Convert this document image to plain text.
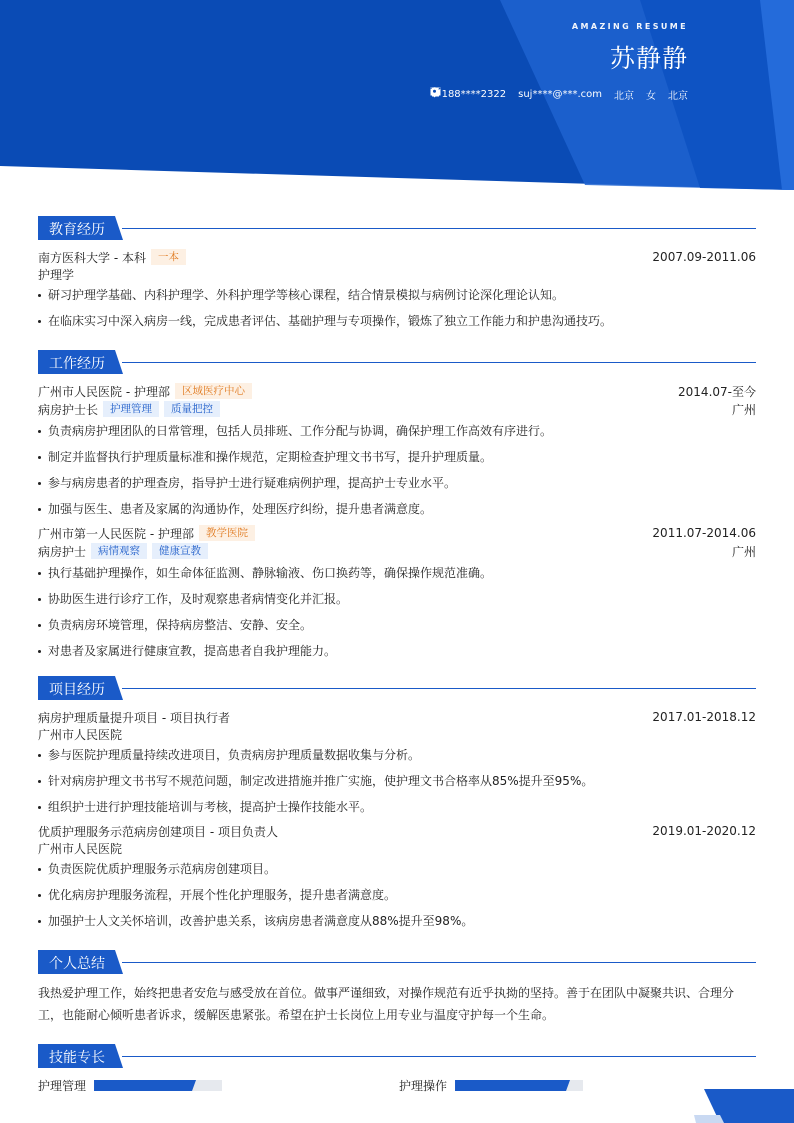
AMAZING RESUME
苏静静
188****2322 suj****@***.com 北京 女 北京
教育经历
南方医科大学 - 本科	一本	2007.09-2011.06
护理学
研习护理学基础、内科护理学、外科护理学等核心课程，结合情景模拟与病例讨论深化理论认知。
在临床实习中深入病房一线，完成患者评估、基础护理与专项操作，锻炼了独立工作能力和护患沟通技巧。
工作经历
广州市人民医院 - 护理部	区域医疗中心	2014.07-至今
病房护士长	护理管理	质量把控	广州
负责病房护理团队的日常管理，包括人员排班、工作分配与协调，确保护理工作高效有序进行。
制定并监督执行护理质量标准和操作规范，定期检查护理文书书写，提升护理质量。
参与病房患者的护理查房，指导护士进行疑难病例护理，提高护士专业水平。
加强与医生、患者及家属的沟通协作，处理医疗纠纷，提升患者满意度。
广州市第一人民医院 - 护理部	教学医院	2011.07-2014.06
病房护士	病情观察	健康宣教	广州
执行基础护理操作，如生命体征监测、静脉输液、伤口换药等，确保操作规范准确。
协助医生进行诊疗工作，及时观察患者病情变化并汇报。
负责病房环境管理，保持病房整洁、安静、安全。
对患者及家属进行健康宣教，提高患者自我护理能力。
项目经历
病房护理质量提升项目 - 项目执行者	2017.01-2018.12
广州市人民医院
参与医院护理质量持续改进项目，负责病房护理质量数据收集与分析。
针对病房护理文书书写不规范问题，制定改进措施并推广实施，使护理文书合格率从85%提升至95%。
组织护士进行护理技能培训与考核，提高护士操作技能水平。
优质护理服务示范病房创建项目 - 项目负责人	2019.01-2020.12
广州市人民医院
负责医院优质护理服务示范病房创建项目。
优化病房护理服务流程，开展个性化护理服务，提升患者满意度。
加强护士人文关怀培训，改善护患关系，该病房患者满意度从88%提升至98%。
个人总结
我热爱护理工作，始终把患者安危与感受放在首位。做事严谨细致，对操作规范有近乎执拗的坚持。善于在团队中凝聚共识、合理分工，也能耐心倾听患者诉求，缓解医患紧张。希望在护士长岗位上用专业与温度守护每一个生命。
技能专长
护理管理	护理操作
